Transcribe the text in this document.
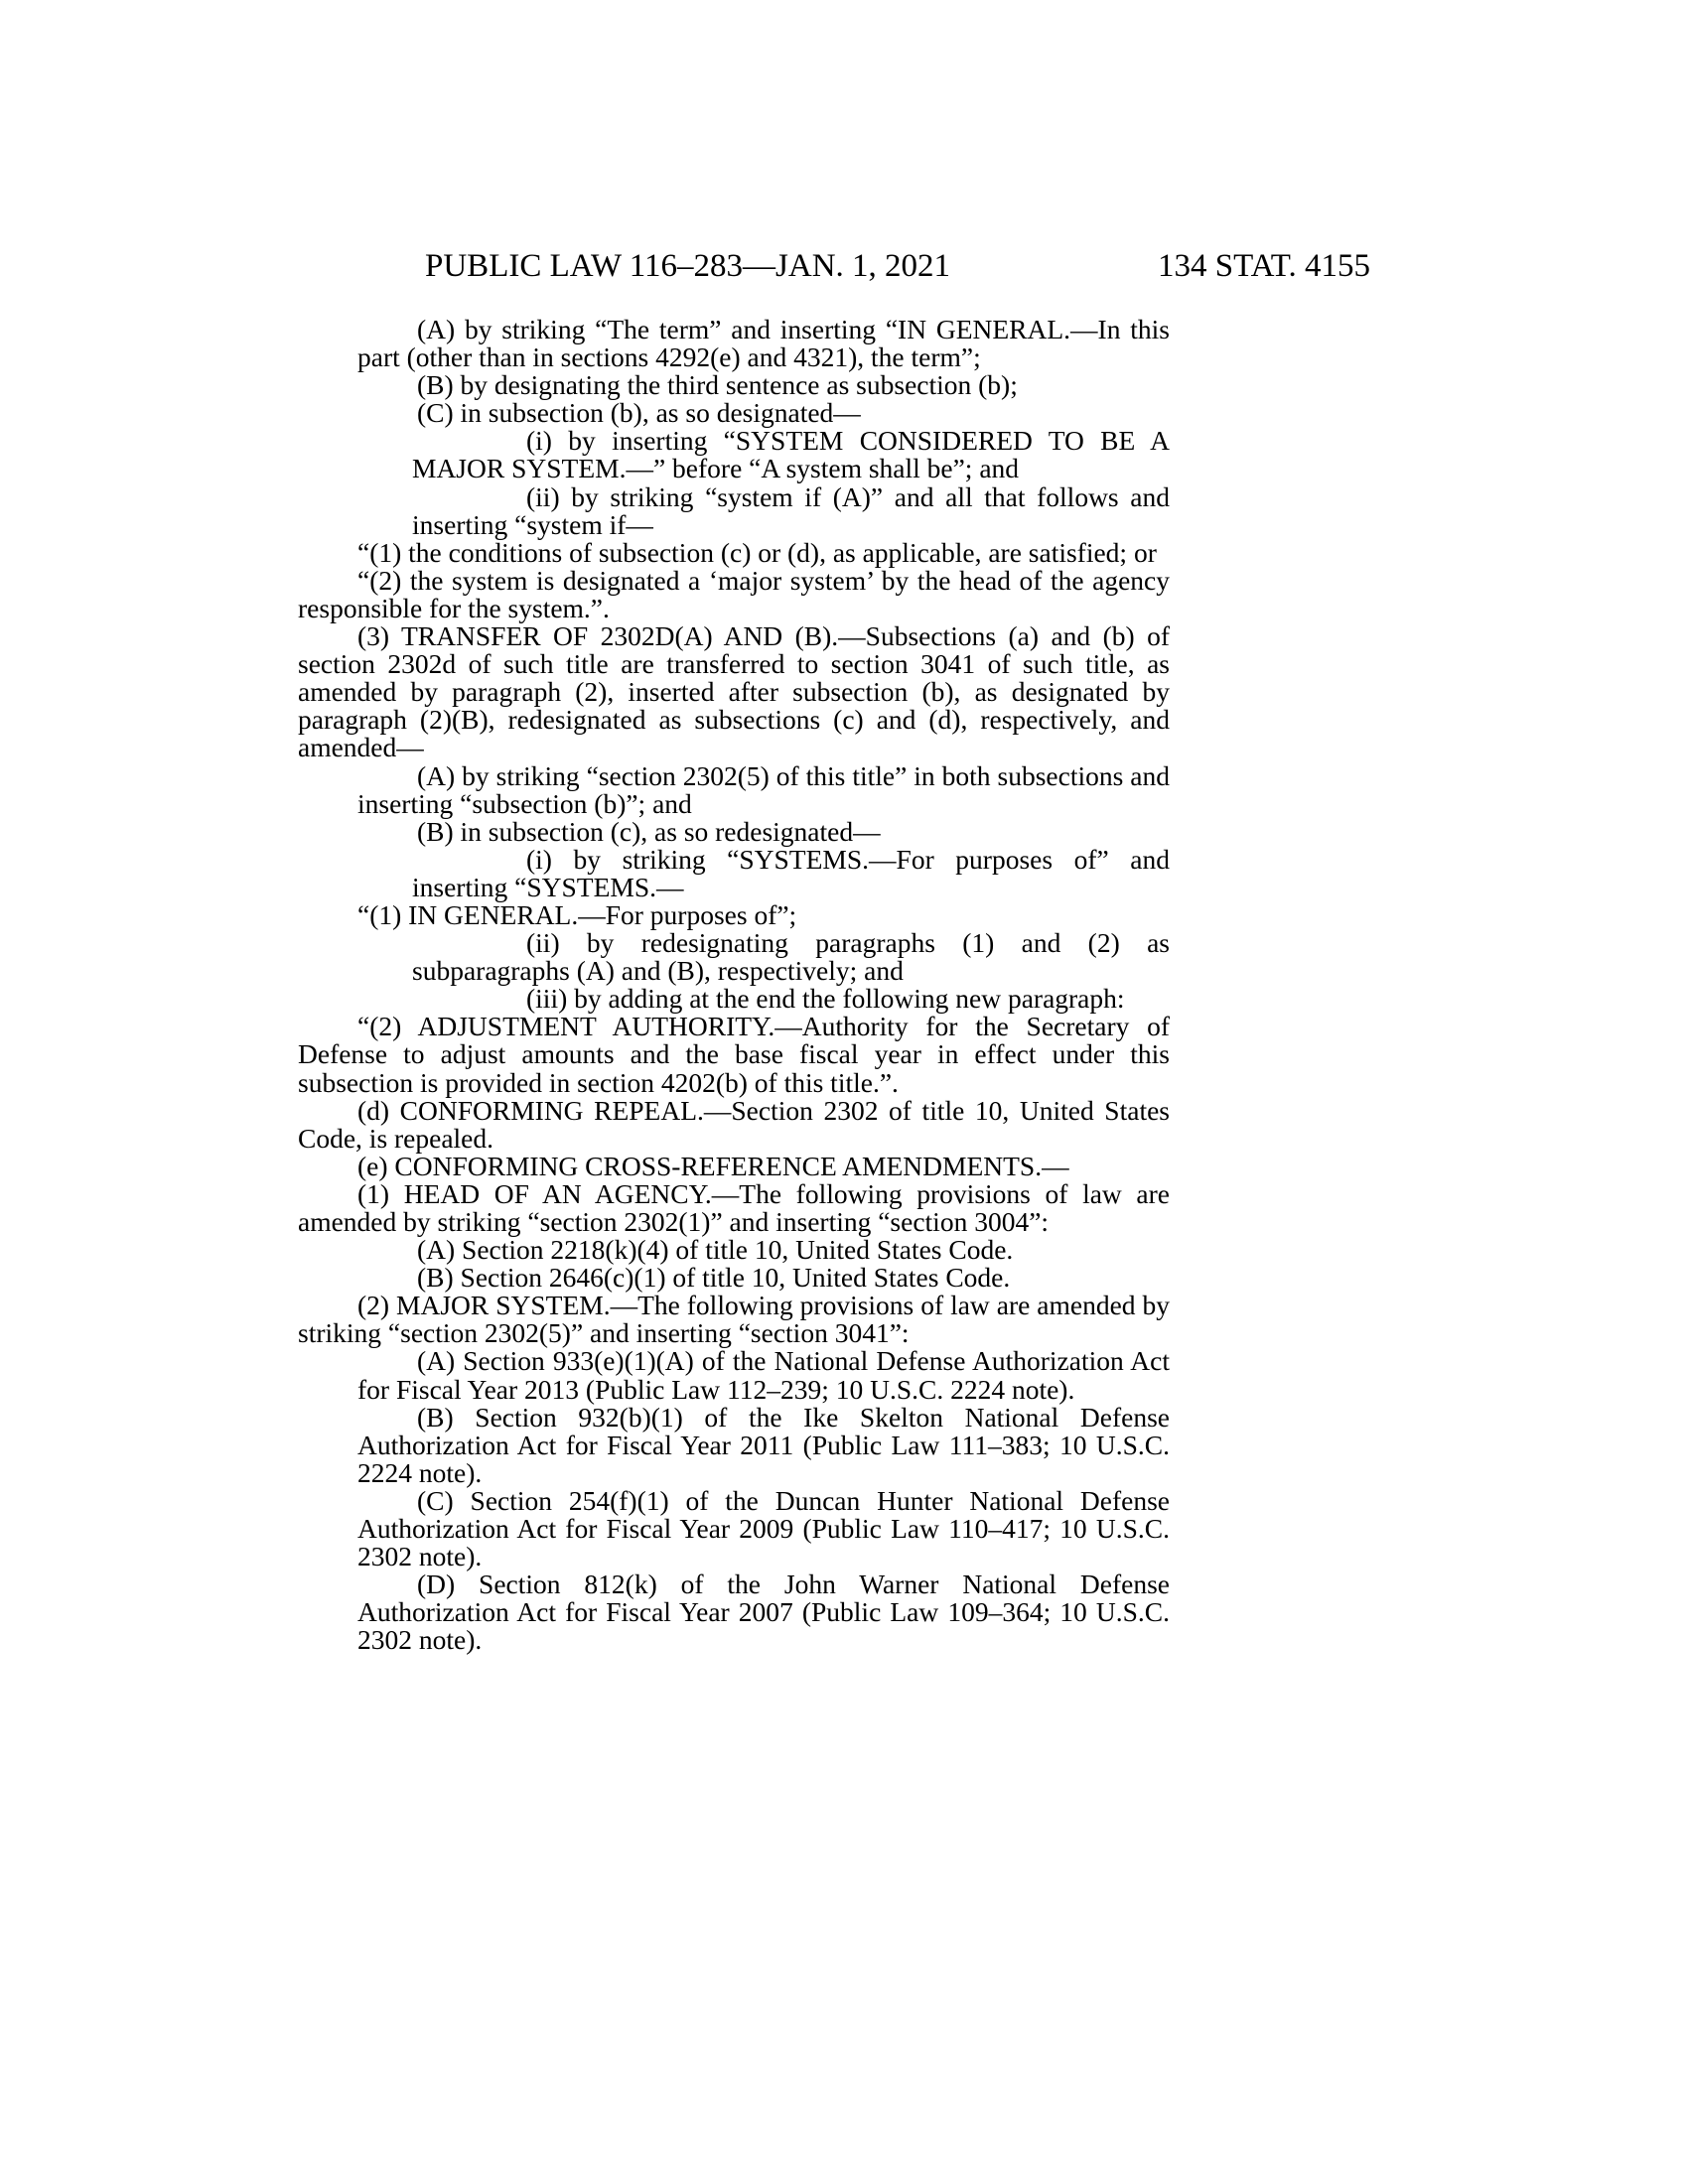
PUBLIC LAW 116–283—JAN. 1, 2021	134 STAT. 4155

(A) by striking “The term” and inserting “IN GENERAL.—In this part (other than in sections 4292(e) and 4321), the term”;

(B) by designating the third sentence as subsection (b);

(C) in subsection (b), as so designated—

(i) by inserting “SYSTEM CONSIDERED TO BE A MAJOR SYSTEM.—” before “A system shall be”; and

(ii) by striking “system if (A)” and all that follows and inserting “system if—

“(1) the conditions of subsection (c) or (d), as applicable, are satisfied; or

“(2) the system is designated a ‘major system’ by the head of the agency responsible for the system.”.

(3) TRANSFER OF 2302D(A) AND (B).—Subsections (a) and (b) of section 2302d of such title are transferred to section 3041 of such title, as amended by paragraph (2), inserted after subsection (b), as designated by paragraph (2)(B), redesignated as subsections (c) and (d), respectively, and amended—

(A) by striking “section 2302(5) of this title” in both subsections and inserting “subsection (b)”; and

(B) in subsection (c), as so redesignated—

(i) by striking “SYSTEMS.—For purposes of” and inserting “SYSTEMS.—

“(1) IN GENERAL.—For purposes of”;

(ii) by redesignating paragraphs (1) and (2) as subparagraphs (A) and (B), respectively; and

(iii) by adding at the end the following new paragraph:

“(2) ADJUSTMENT AUTHORITY.—Authority for the Secretary of Defense to adjust amounts and the base fiscal year in effect under this subsection is provided in section 4202(b) of this title.”.

(d) CONFORMING REPEAL.—Section 2302 of title 10, United States Code, is repealed.

(e) CONFORMING CROSS-REFERENCE AMENDMENTS.—

(1) HEAD OF AN AGENCY.—The following provisions of law are amended by striking “section 2302(1)” and inserting “section 3004”:

(A) Section 2218(k)(4) of title 10, United States Code.

(B) Section 2646(c)(1) of title 10, United States Code.

(2) MAJOR SYSTEM.—The following provisions of law are amended by striking “section 2302(5)” and inserting “section 3041”:

(A) Section 933(e)(1)(A) of the National Defense Authorization Act for Fiscal Year 2013 (Public Law 112–239; 10 U.S.C. 2224 note).

(B) Section 932(b)(1) of the Ike Skelton National Defense Authorization Act for Fiscal Year 2011 (Public Law 111–383; 10 U.S.C. 2224 note).

(C) Section 254(f)(1) of the Duncan Hunter National Defense Authorization Act for Fiscal Year 2009 (Public Law 110–417; 10 U.S.C. 2302 note).

(D) Section 812(k) of the John Warner National Defense Authorization Act for Fiscal Year 2007 (Public Law 109–364; 10 U.S.C. 2302 note).
